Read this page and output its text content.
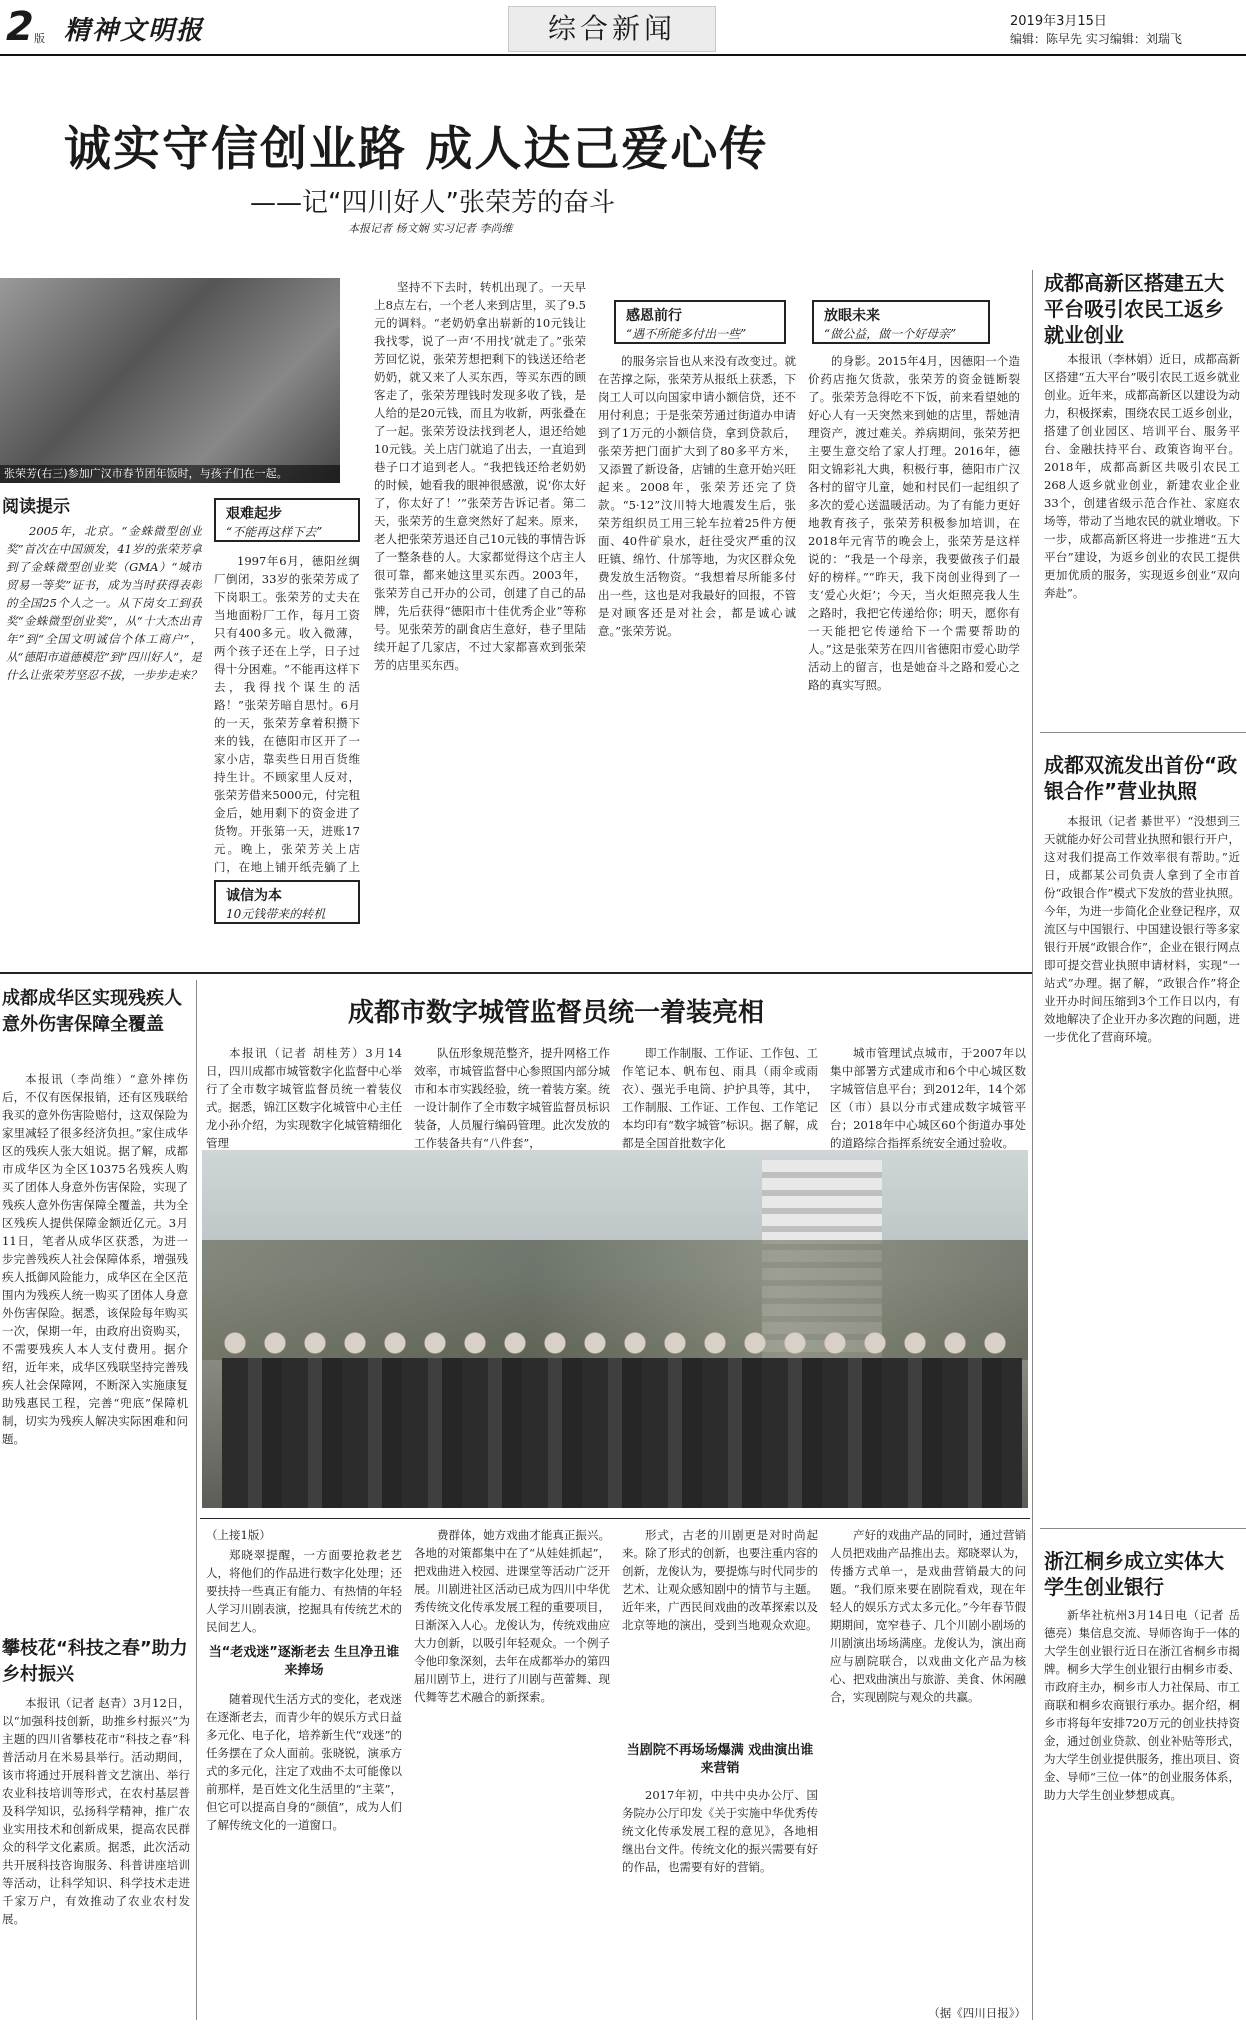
2 版 精神文明报	综合新闻	2019年3月15日
编辑：陈早先 实习编辑：刘瑞飞
诚实守信创业路 成人达己爱心传
——记“四川好人”张荣芳的奋斗
本报记者 杨文娴 实习记者 李尚维
张荣芳(右三)参加广汉市春节团年饭时，与孩子们在一起。
阅读提示

2005年，北京。“金蛛微型创业奖”首次在中国颁发，41岁的张荣芳拿到了金蛛微型创业奖（GMA）“城市贸易一等奖”证书，成为当时获得表彰的全国25个人之一。从下岗女工到获奖“金蛛微型创业奖”，从“十大杰出青年”到“全国文明诚信个体工商户”，从“德阳市道德模范”到“四川好人”，是什么让张荣芳坚忍不拔，一步步走来？

艰难起步
“不能再这样下去”

1997年6月，德阳丝绸厂倒闭，33岁的张荣芳成了下岗职工。张荣芳的丈夫在当地面粉厂工作，每月工资只有400多元。收入微薄，两个孩子还在上学，日子过得十分困难。“不能再这样下去，我得找个谋生的活路！”张荣芳暗自思忖。6月的一天，张荣芳拿着积攒下来的钱，在德阳市区开了一家小店，靠卖些日用百货维持生计。不顾家里人反对，张荣芳借来5000元，付完租金后，她用剩下的资金进了货物。开张第一天，进账17元。晚上，张荣芳关上店门，在地上铺开纸壳躺了上

诚信为本
10元钱带来的转机

坚持不下去时，转机出现了。一天早上8点左右，一个老人来到店里，买了9.5元的调料。“老奶奶拿出崭新的10元钱让我找零，说了一声‘不用找’就走了。”张荣芳回忆说，张荣芳想把剩下的钱送还给老奶奶，就又来了人买东西，等买东西的顾客走了，张荣芳理钱时发现多收了钱，是人给的是20元钱，而且为收新，两张叠在了一起。张荣芳设法找到老人，退还给她10元钱。关上店门就追了出去，一直追到巷子口才追到老人。“我把钱还给老奶奶的时候，她看我的眼神很感激，说‘你太好了，你太好了！’”张荣芳告诉记者。第二天，张荣芳的生意突然好了起来。原来，老人把张荣芳退还自己10元钱的事情告诉了一整条巷的人。大家都觉得这个店主人很可靠，都来她这里买东西。2003年，张荣芳自己开办的公司，创建了自己的品牌，先后获得“德阳市十佳优秀企业”等称号。见张荣芳的副食店生意好，巷子里陆续开起了几家店，不过大家都喜欢到张荣芳的店里买东西。

感恩前行
“遇不所能多付出一些”

的服务宗旨也从来没有改变过。就在苦撑之际，张荣芳从报纸上获悉，下岗工人可以向国家申请小额信贷，还不用付利息；于是张荣芳通过街道办申请到了1万元的小额信贷，拿到贷款后，张荣芳把门面扩大到了80多平方米，又添置了新设备，店铺的生意开始兴旺起来。2008年，张荣芳还完了贷款。“5·12”汶川特大地震发生后，张荣芳组织员工用三轮车拉着25件方便面、40件矿泉水，赶往受灾严重的汉旺镇、绵竹、什邡等地，为灾区群众免费发放生活物资。“我想着尽所能多付出一些，这也是对我最好的回报，不管是对顾客还是对社会，都是诚心诚意。”张荣芳说。

放眼未来
“做公益，做一个好母亲”

的身影。2015年4月，因德阳一个造价药店拖欠货款，张荣芳的资金链断裂了。张荣芳急得吃不下饭，前来看望她的好心人有一天突然来到她的店里，帮她清理资产，渡过难关。养病期间，张荣芳把主要生意交给了家人打理。2016年，德阳文锦彩礼大典，积极行事，德阳市广汉各村的留守儿童，她和村民们一起组织了多次的爱心送温暖活动。为了有能力更好地教育孩子，张荣芳积极参加培训，在2018年元宵节的晚会上，张荣芳是这样说的：“我是一个母亲，我要做孩子们最好的榜样。”“昨天，我下岗创业得到了一支‘爱心火炬’；今天，当火炬照亮我人生之路时，我把它传递给你；明天，愿你有一天能把它传递给下一个需要帮助的人。”这是张荣芳在四川省德阳市爱心助学活动上的留言，也是她奋斗之路和爱心之路的真实写照。

成都高新区搭建五大平台吸引农民工返乡就业创业

本报讯（李林娟）近日，成都高新区搭建“五大平台”吸引农民工返乡就业创业。近年来，成都高新区以建设为动力，积极探索，围绕农民工返乡创业，搭建了创业园区、培训平台、服务平台、金融扶持平台、政策咨询平台。2018年，成都高新区共吸引农民工268人返乡就业创业，新建农业企业33个，创建省级示范合作社、家庭农场等，带动了当地农民的就业增收。下一步，成都高新区将进一步推进“五大平台”建设，为返乡创业的农民工提供更加优质的服务，实现返乡创业“双向奔赴”。

成都双流发出首份“政银合作”营业执照

本报讯（记者 綦世平）“没想到三天就能办好公司营业执照和银行开户，这对我们提高工作效率很有帮助。”近日，成都某公司负责人拿到了全市首份“政银合作”模式下发放的营业执照。今年，为进一步简化企业登记程序，双流区与中国银行、中国建设银行等多家银行开展“政银合作”，企业在银行网点即可提交营业执照申请材料，实现“一站式”办理。据了解，“政银合作”将企业开办时间压缩到3个工作日以内，有效地解决了企业开办多次跑的问题，进一步优化了营商环境。

浙江桐乡成立实体大学生创业银行

新华社杭州3月14日电（记者 岳德亮）集信息交流、导师咨询于一体的大学生创业银行近日在浙江省桐乡市揭牌。桐乡大学生创业银行由桐乡市委、市政府主办，桐乡市人力社保局、市工商联和桐乡农商银行承办。据介绍，桐乡市将每年安排720万元的创业扶持资金，通过创业贷款、创业补贴等形式，为大学生创业提供服务，推出项目、资金、导师“三位一体”的创业服务体系，助力大学生创业梦想成真。

成都成华区实现残疾人意外伤害保障全覆盖

本报讯（李尚维）“意外摔伤后，不仅有医保报销，还有区残联给我买的意外伤害险赔付，这双保险为家里减轻了很多经济负担。”家住成华区的残疾人张大姐说。据了解，成都市成华区为全区10375名残疾人购买了团体人身意外伤害保险，实现了残疾人意外伤害保障全覆盖，共为全区残疾人提供保障金额近亿元。3月11日，笔者从成华区获悉，为进一步完善残疾人社会保障体系，增强残疾人抵御风险能力，成华区在全区范围内为残疾人统一购买了团体人身意外伤害保险。据悉，该保险每年购买一次，保期一年，由政府出资购买，不需要残疾人本人支付费用。据介绍，近年来，成华区残联坚持完善残疾人社会保障网，不断深入实施康复助残惠民工程，完善“兜底”保障机制，切实为残疾人解决实际困难和问题。

成都市数字城管监督员统一着装亮相

本报讯（记者 胡桂芳）3月14日，四川成都市城管数字化监督中心举行了全市数字城管监督员统一着装仪式。据悉，锦江区数字化城管中心主任龙小孙介绍，为实现数字化城管精细化管理

队伍形象规范整齐，提升网格工作效率，市城管监督中心参照国内部分城市和本市实践经验，统一着装方案。统一设计制作了全市数字城管监督员标识装备，人员履行编码管理。此次发放的工作装备共有“八件套”，

即工作制服、工作证、工作包、工作笔记本、帆布包、雨具（雨伞或雨衣）、强光手电筒、护护具等，其中，工作制服、工作证、工作包、工作笔记本均印有“数字城管”标识。据了解，成都是全国首批数字化

城市管理试点城市，于2007年以集中部署方式建成市和6个中心城区数字城管信息平台；到2012年，14个郊区（市）县以分市式建成数字城管平台；2018年中心城区60个街道办事处的道路综合指挥系统安全通过验收。

攀枝花“科技之春”助力乡村振兴

本报讯（记者 赵青）3月12日，以“加强科技创新，助推乡村振兴”为主题的四川省攀枝花市“科技之春”科普活动月在米易县举行。活动期间，该市将通过开展科普文艺演出、举行农业科技培训等形式，在农村基层普及科学知识，弘扬科学精神，推广农业实用技术和创新成果，提高农民群众的科学文化素质。据悉，此次活动共开展科技咨询服务、科普讲座培训等活动，让科学知识、科学技术走进千家万户，有效推动了农业农村发展。

（上接1版）

郑晓翠提醒，一方面要抢救老艺人，将他们的作品进行数字化处理；还要扶持一些真正有能力、有热情的年轻人学习川剧表演，挖掘具有传统艺术的民间艺人。

当“老戏迷”逐渐老去 生旦净丑谁来捧场

随着现代生活方式的变化，老戏迷在逐渐老去，而青少年的娱乐方式日益多元化、电子化，培养新生代“戏迷”的任务摆在了众人面前。张晓锐，演承方式的多元化，注定了戏曲不太可能像以前那样，是百姓文化生活里的“主菜”，但它可以提高自身的“颜值”，成为人们了解传统文化的一道窗口。

费群体，她方戏曲才能真正振兴。各地的对策都集中在了“从娃娃抓起”，把戏曲进入校园、进课堂等活动广泛开展。川剧进社区活动已成为四川中华优秀传统文化传承发展工程的重要项目，日渐深入人心。龙俊认为，传统戏曲应大力创新，以吸引年轻观众。一个例子令他印象深刻，去年在成都举办的第四届川剧节上，进行了川剧与芭蕾舞、现代舞等艺术融合的新探索。

形式，古老的川剧更是对时尚起来。除了形式的创新，也要注重内容的创新，龙俊认为，要提炼与时代同步的艺术、让观众感知剧中的情节与主题。近年来，广西民间戏曲的改革探索以及北京等地的演出，受到当地观众欢迎。

当剧院不再场场爆满 戏曲演出谁来营销

2017年初，中共中央办公厅、国务院办公厅印发《关于实施中华优秀传统文化传承发展工程的意见》，各地相继出台文件。传统文化的振兴需要有好的作品，也需要有好的营销。

产好的戏曲产品的同时，通过营销人员把戏曲产品推出去。郑晓翠认为，传播方式单一，是戏曲营销最大的问题。“我们原来要在剧院看戏，现在年轻人的娱乐方式太多元化。”今年春节假期期间，宽窄巷子、几个川剧小剧场的川剧演出场场满座。龙俊认为，演出商应与剧院联合，以戏曲文化产品为核心、把戏曲演出与旅游、美食、休闲融合，实现剧院与观众的共赢。

（据《四川日报》）
